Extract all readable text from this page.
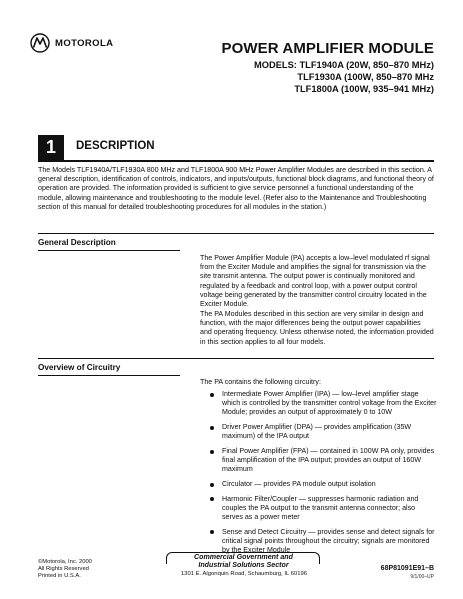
MOTOROLA	POWER AMPLIFIER MODULE
MODELS: TLF1940A (20W, 850–870 MHz)
TLF1930A (100W, 850–870 MHz
TLF1800A (100W, 935–941 MHz)
1	DESCRIPTION
The Models TLF1940A/TLF1930A 800 MHz and TLF1800A 900 MHz Power Amplifier Modules are described in this section. A general description, identification of controls, indicators, and inputs/outputs, functional block diagrams, and functional theory of operation are provided. The information provided is sufficient to give service personnel a functional understanding of the module, allowing maintenance and troubleshooting to the module level. (Refer also to the Maintenance and Troubleshooting section of this manual for detailed troubleshooting procedures for all modules in the station.)
General Description
The Power Amplifier Module (PA) accepts a low–level modulated rf signal from the Exciter Module and amplifies the signal for transmission via the site transmit antenna. The output power is continually monitored and regulated by a feedback and control loop, with a power output control voltage being generated by the transmitter control circuitry located in the Exciter Module.
The PA Modules described in this section are very similar in design and function, with the major differences being the output power capabilities and operating frequency. Unless otherwise noted, the information provided in this section applies to all four models.
Overview of Circuitry
The PA contains the following circuitry:
Intermediate Power Amplifier (IPA) — low–level amplifier stage which is controlled by the transmitter control voltage from the Exciter Module; provides an output of approximately 0 to 10W
Driver Power Amplifier (DPA) — provides amplification (35W maximum) of the IPA output
Final Power Amplifier (FPA) — contained in 100W PA only, provides final amplification of the IPA output; provides an output of 160W maximum
Circulator — provides PA module output isolation
Harmonic Filter/Coupler — suppresses harmonic radiation and couples the PA output to the transmit antenna connector; also serves as a power meter
Sense and Detect Circuitry — provides sense and detect signals for critical signal points throughout the circuitry; signals are monitored by the Exciter Module
©Motorola, Inc. 2000
All Rights Reserved
Printed in U.S.A.
Commercial Government and
Industrial Solutions Sector
1301 E. Algonquin Road, Schaumburg, IL 60196
68P81091E91–B
9/1/00–UP
